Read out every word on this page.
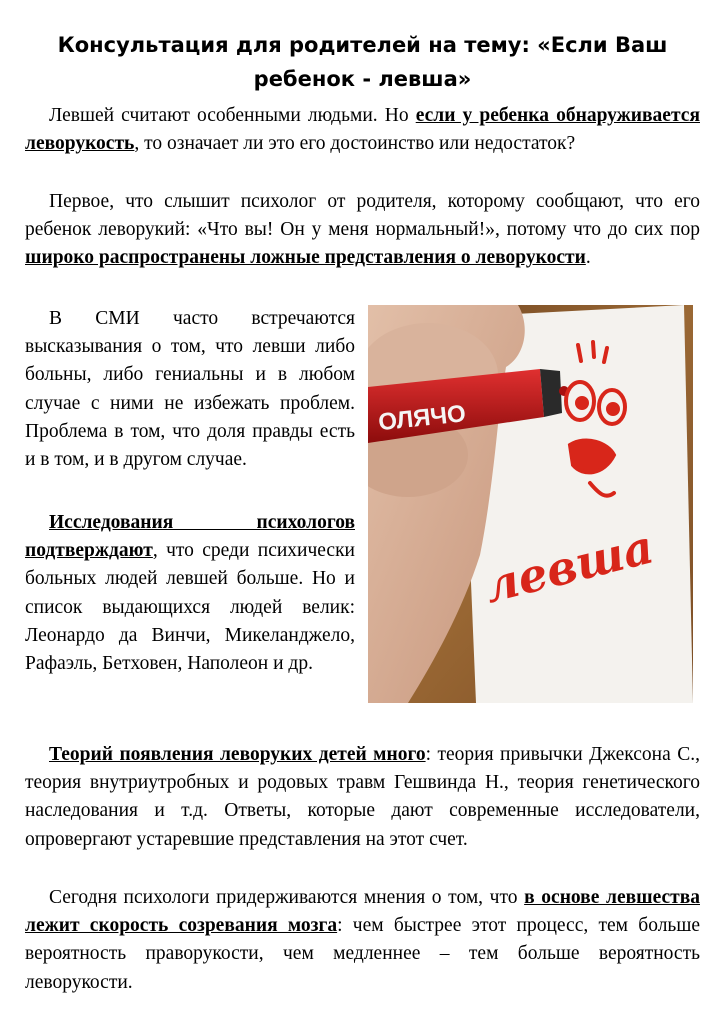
Консультация для родителей на тему: «Если Ваш ребенок - левша»
Левшей считают особенными людьми. Но если у ребенка обнаруживается леворукость, то означает ли это его достоинство или недостаток?
Первое, что слышит психолог от родителя, которому сообщают, что его ребенок леворукий: «Что вы! Он у меня нормальный!», потому что до сих пор широко распространены ложные представления о леворукости.
В СМИ часто встречаются высказывания о том, что левши либо больны, либо гениальны и в любом случае с ними не избежать проблем. Проблема в том, что доля правды есть и в том, и в другом случае.
Исследования психологов подтверждают, что среди психически больных людей левшей больше. Но и список выдающихся людей велик: Леонардо да Винчи, Микеланджело, Рафаэль, Бетховен, Наполеон и др.
Теорий появления леворуких детей много: теория привычки Джексона С., теория внутриутробных и родовых травм Гешвинда Н., теория генетического наследования и т.д. Ответы, которые дают современные исследователи, опровергают устаревшие представления на этот счет.
Сегодня психологи придерживаются мнения о том, что в основе левшества лежит скорость созревания мозга: чем быстрее этот процесс, тем больше вероятность праворукости, чем медленнее – тем больше вероятность леворукости.
ОЛЯЧО
левша
http://fenix.ru/
